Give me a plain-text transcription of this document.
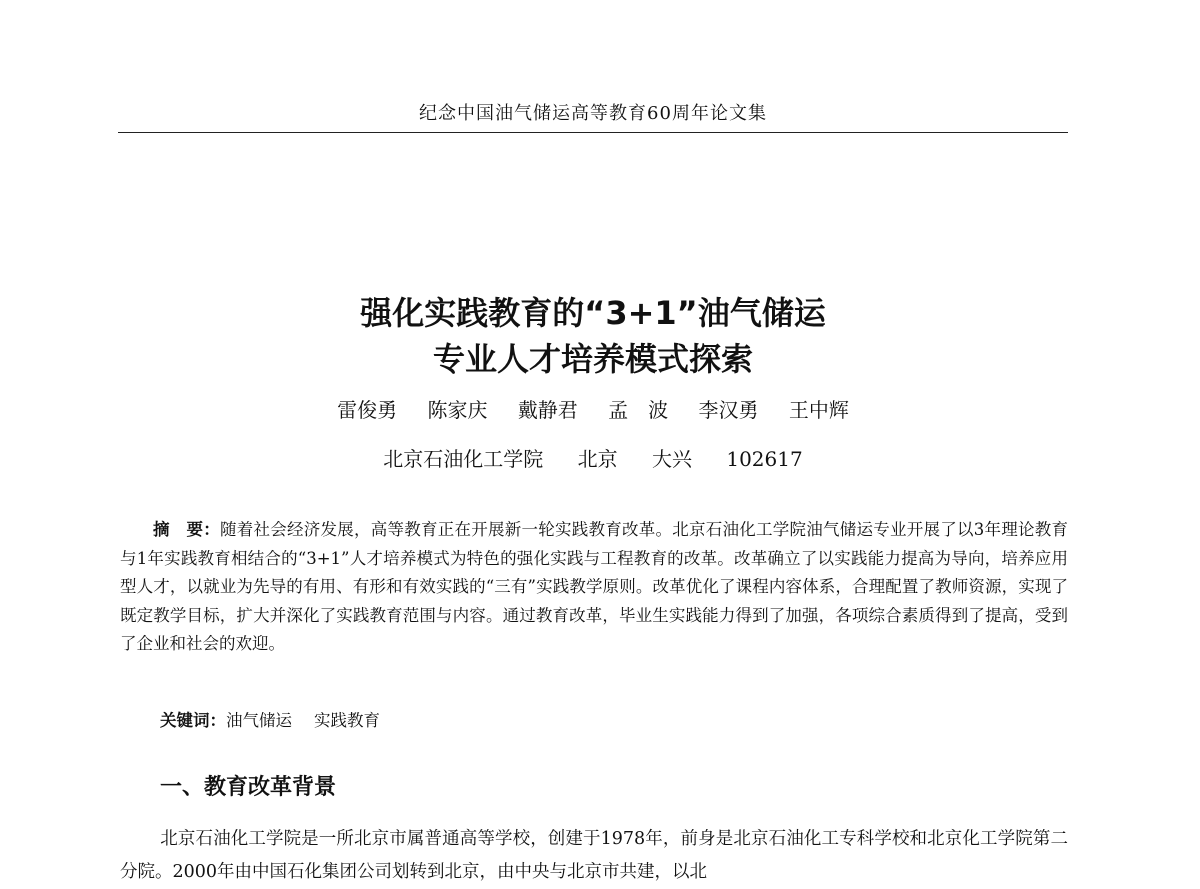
纪念中国油气储运高等教育60周年论文集
强化实践教育的“3+1”油气储运
专业人才培养模式探索
雷俊勇 陈家庆 戴静君 孟　波 李汉勇 王中辉
北京石油化工学院 北京 大兴 102617
摘　要：随着社会经济发展，高等教育正在开展新一轮实践教育改革。北京石油化工学院油气储运专业开展了以3年理论教育与1年实践教育相结合的“3+1”人才培养模式为特色的强化实践与工程教育的改革。改革确立了以实践能力提高为导向，培养应用型人才，以就业为先导的有用、有形和有效实践的“三有”实践教学原则。改革优化了课程内容体系，合理配置了教师资源，实现了既定教学目标，扩大并深化了实践教育范围与内容。通过教育改革，毕业生实践能力得到了加强，各项综合素质得到了提高，受到了企业和社会的欢迎。
关键词：油气储运 实践教育
一、教育改革背景
北京石油化工学院是一所北京市属普通高等学校，创建于1978年，前身是北京石油化工专科学校和北京化工学院第二分院。2000年由中国石化集团公司划转到北京，由中央与北京市共建，以北
